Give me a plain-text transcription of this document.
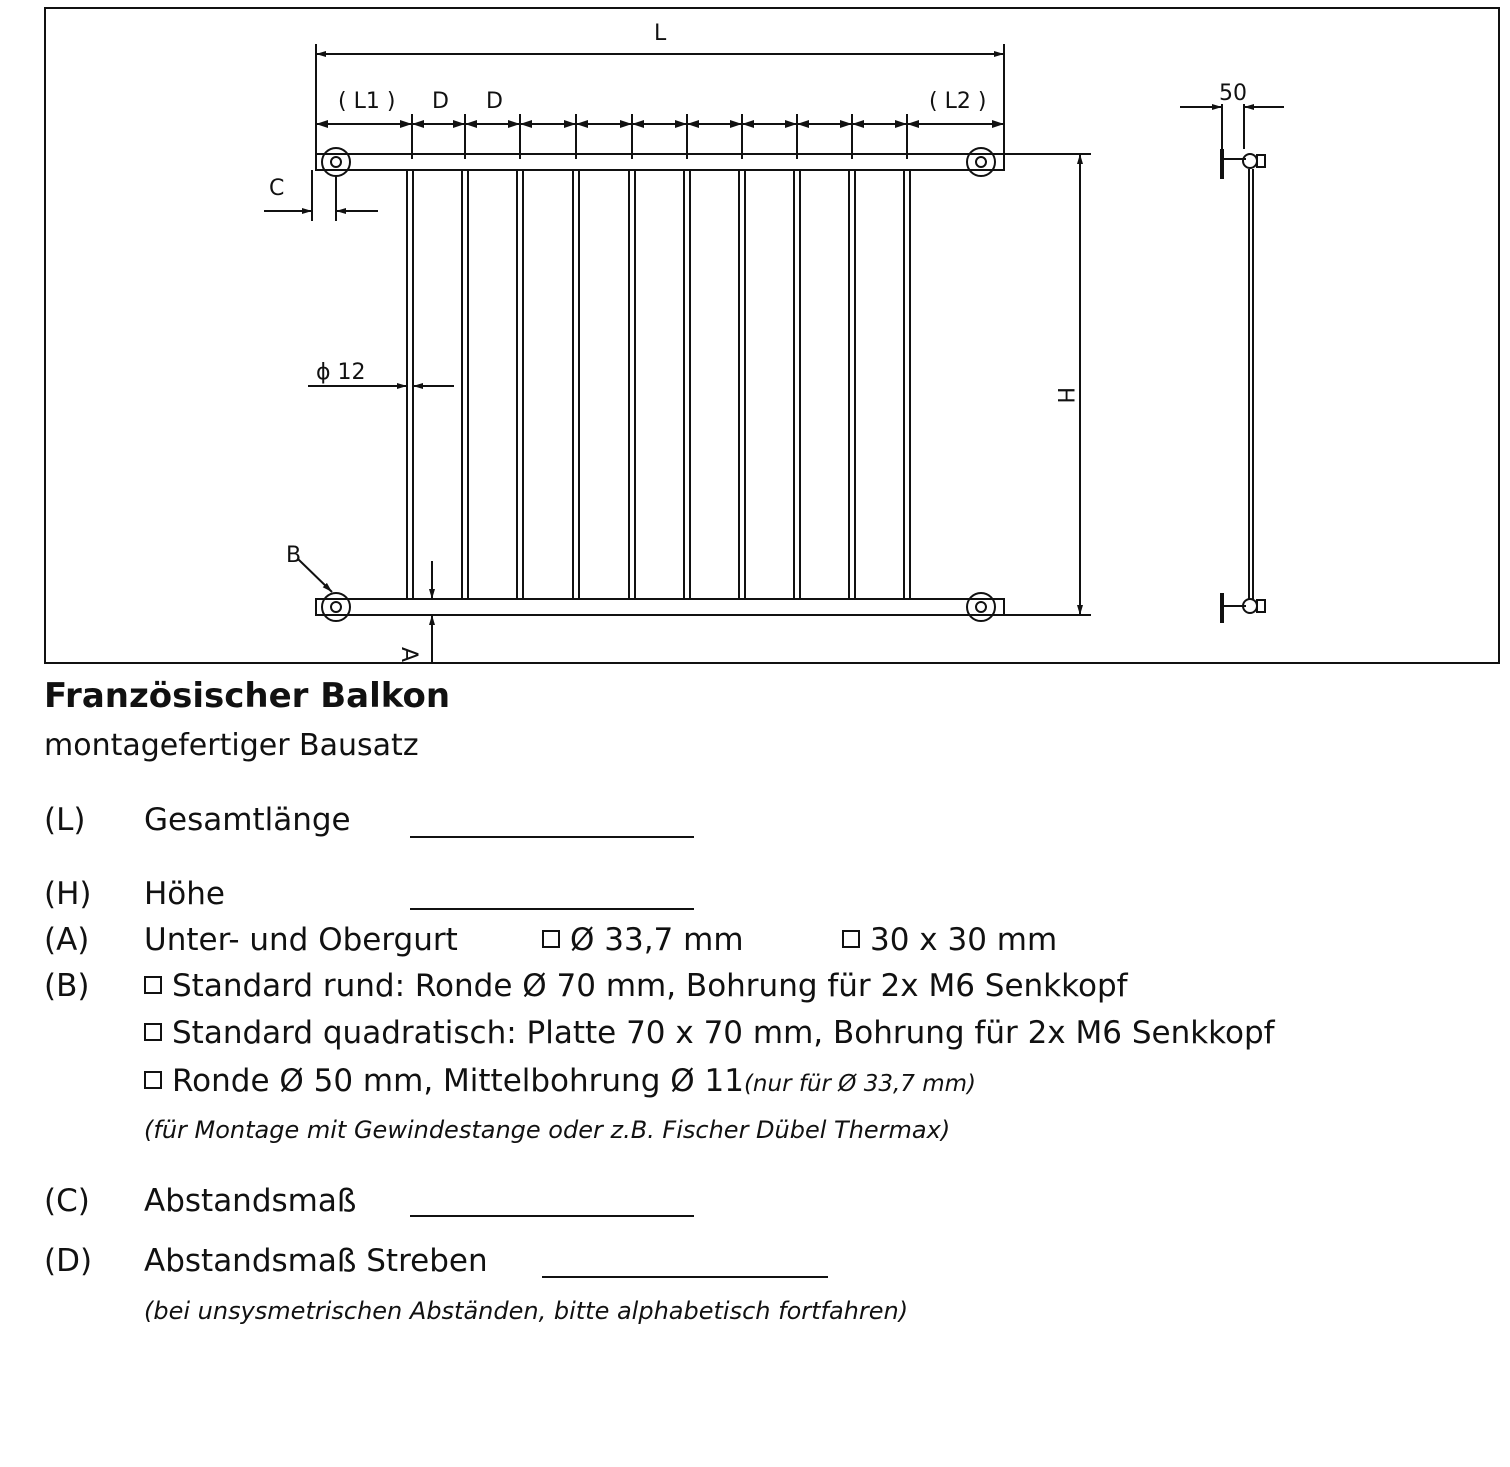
L
( L1 ) D D	( L2 )
C
ϕ 12
H
B
A
50
Französischer Balkon
montagefertiger Bausatz
(L) Gesamtlänge
(H) Höhe
(A) Unter- und Obergurt	Ø 33,7 mm	30 x 30 mm
(B)	Standard rund: Ronde Ø 70 mm, Bohrung für 2x M6 Senkkopf
Standard quadratisch: Platte 70 x 70 mm, Bohrung für 2x M6 Senkkopf
Ronde Ø 50 mm, Mittelbohrung Ø 11(nur für Ø 33,7 mm)
(für Montage mit Gewindestange oder z.B. Fischer Dübel Thermax)
(C) Abstandsmaß
(D) Abstandsmaß Streben
(bei unsysmetrischen Abständen, bitte alphabetisch fortfahren)
